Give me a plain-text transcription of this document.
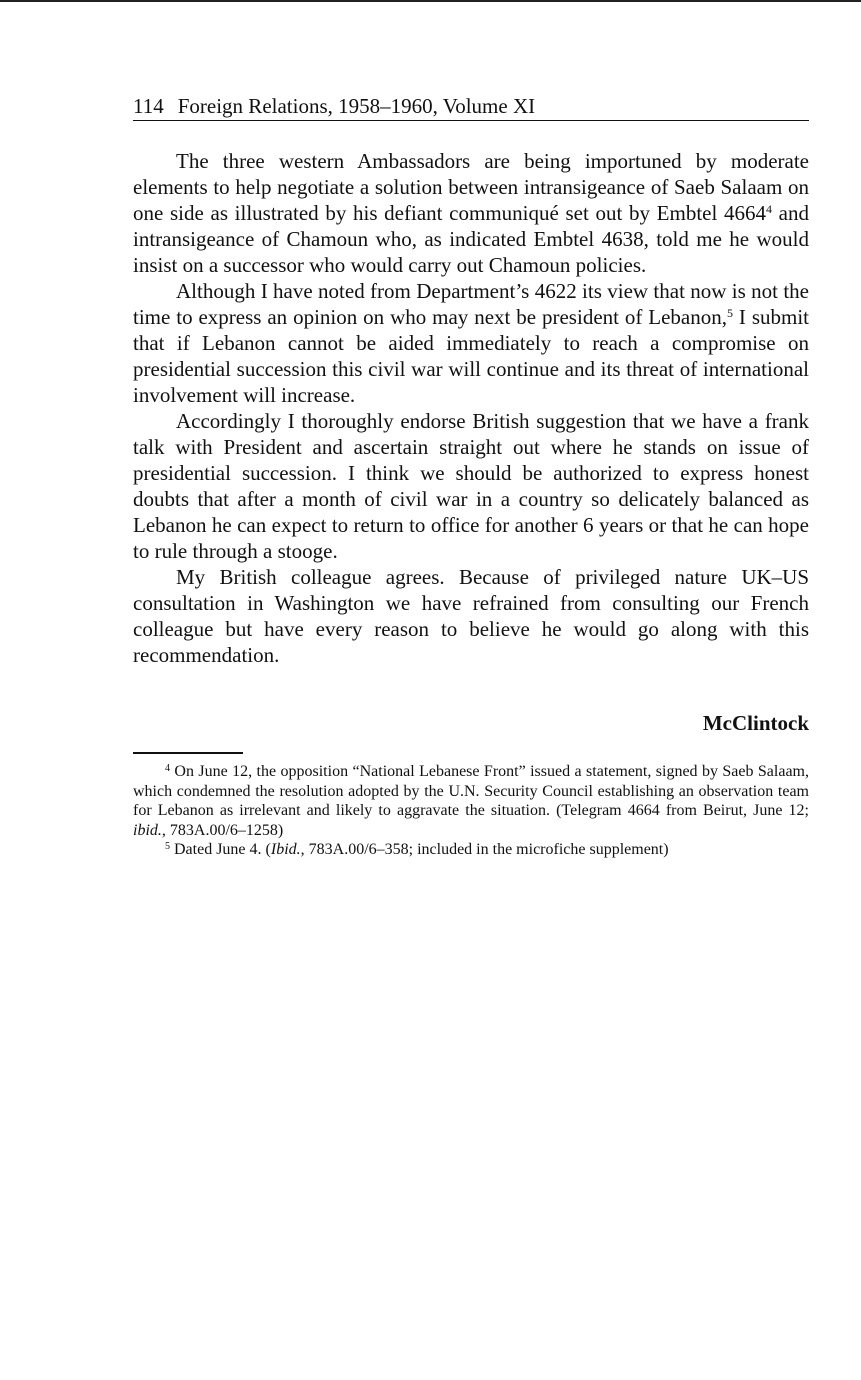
114 Foreign Relations, 1958–1960, Volume XI

The three western Ambassadors are being importuned by moderate elements to help negotiate a solution between intransigeance of Saeb Salaam on one side as illustrated by his defiant communiqué set out by Embtel 4664$^4$ and intransigeance of Chamoun who, as indicated Embtel 4638, told me he would insist on a successor who would carry out Chamoun policies.

Although I have noted from Department’s 4622 its view that now is not the time to express an opinion on who may next be president of Lebanon,$^5$ I submit that if Lebanon cannot be aided immediately to reach a compromise on presidential succession this civil war will continue and its threat of international involvement will increase.

Accordingly I thoroughly endorse British suggestion that we have a frank talk with President and ascertain straight out where he stands on issue of presidential succession. I think we should be authorized to express honest doubts that after a month of civil war in a country so delicately balanced as Lebanon he can expect to return to office for another 6 years or that he can hope to rule through a stooge.

My British colleague agrees. Because of privileged nature UK–US consultation in Washington we have refrained from consulting our French colleague but have every reason to believe he would go along with this recommendation.

McClintock

$^4$ On June 12, the opposition “National Lebanese Front” issued a statement, signed by Saeb Salaam, which condemned the resolution adopted by the U.N. Security Council establishing an observation team for Lebanon as irrelevant and likely to aggravate the situation. (Telegram 4664 from Beirut, June 12; ibid., 783A.00/6–1258)

$^5$ Dated June 4. (Ibid., 783A.00/6–358; included in the microfiche supplement)
